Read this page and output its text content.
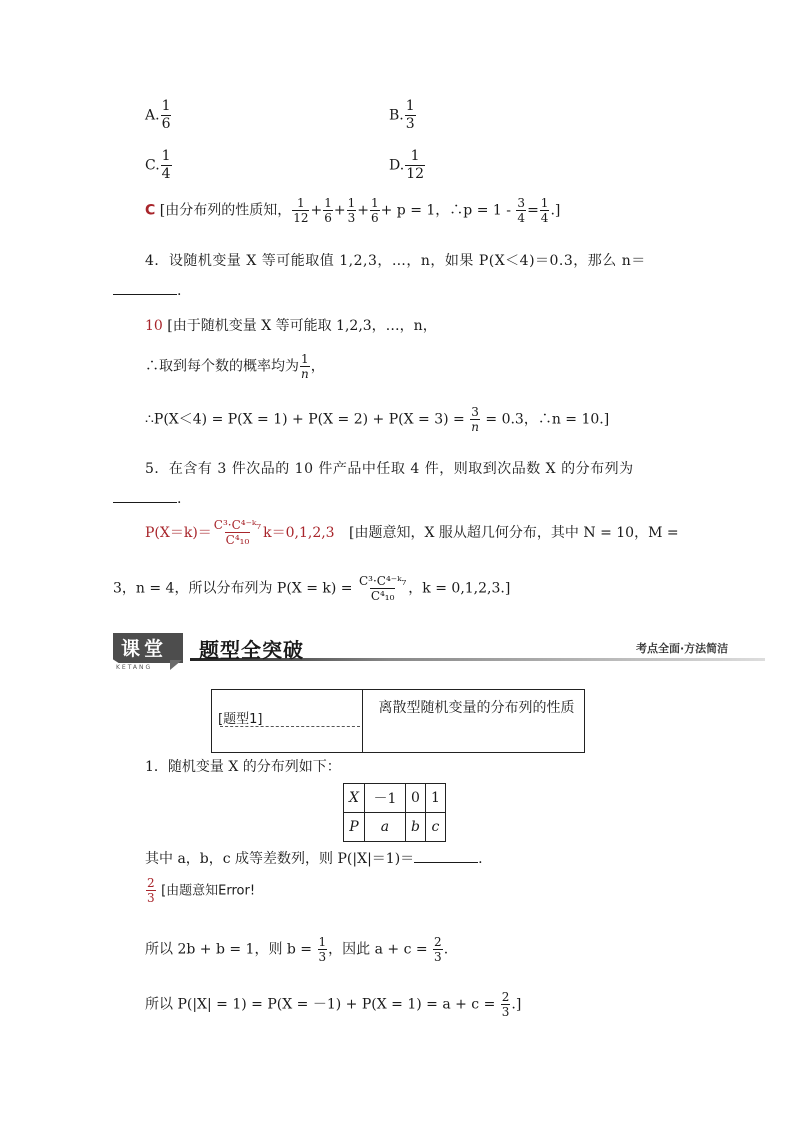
A. $\frac{1}{6}$	B. $\frac{1}{3}$
C. $\frac{1}{4}$	D. $\frac{1}{12}$
C [由分布列的性质知， $\frac{1}{12} + \frac{1}{6} + \frac{1}{3} + \frac{1}{6} + p = 1$，∴p = $1 - \frac{3}{4} = \frac{1}{4}$ .]
4．设随机变量 X 等可能取值 1,2,3，…，n，如果 P(X＜4)＝0.3，那么 n＝
.
10 [由于随机变量 X 等可能取 1,2,3，…，n，
∴取到每个数的概率均为 $\frac{1}{n}$ ，
∴P(X＜4) = $P(X = 1) + P(X = 2) + P(X = 3) = \frac{3}{n} = 0.3$，∴n = 10.]
5．在含有 3 件次品的 10 件产品中任取 4 件，则取到次品数 X 的分布列为
.
$P(X=k)= \frac{\text{C³·C⁴⁻ᵏ₇}}{\text{C⁴₁₀}} k=0,1,2,3$ [由题意知，X 服从超几何分布，其中 N = 10，M =
3，n = 4，所以分布列为 $P(X = k) = \frac{\text{C³·C⁴⁻ᵏ₇}}{\text{C⁴₁₀}}$ ，k = 0,1,2,3.]
课堂
KETANG
题型全突破	考点全面·方法简洁
[题型1]
离散型随机变量的分布列的性质
1．随机变量 X 的分布列如下：
X	－1	0	1
P	a	b	c
其中 a，b，c 成等差数列，则 P(|X|＝1)＝	.
$\frac{2}{3}$ [由题意知Error!
所以 2b + b = 1，则 $b = \frac{1}{3}$ ，因此 $a + c = \frac{2}{3}$ .
所以 $P(|X| = 1) = P(X = -1) + P(X = 1) = a + c = \frac{2}{3}$ .]
